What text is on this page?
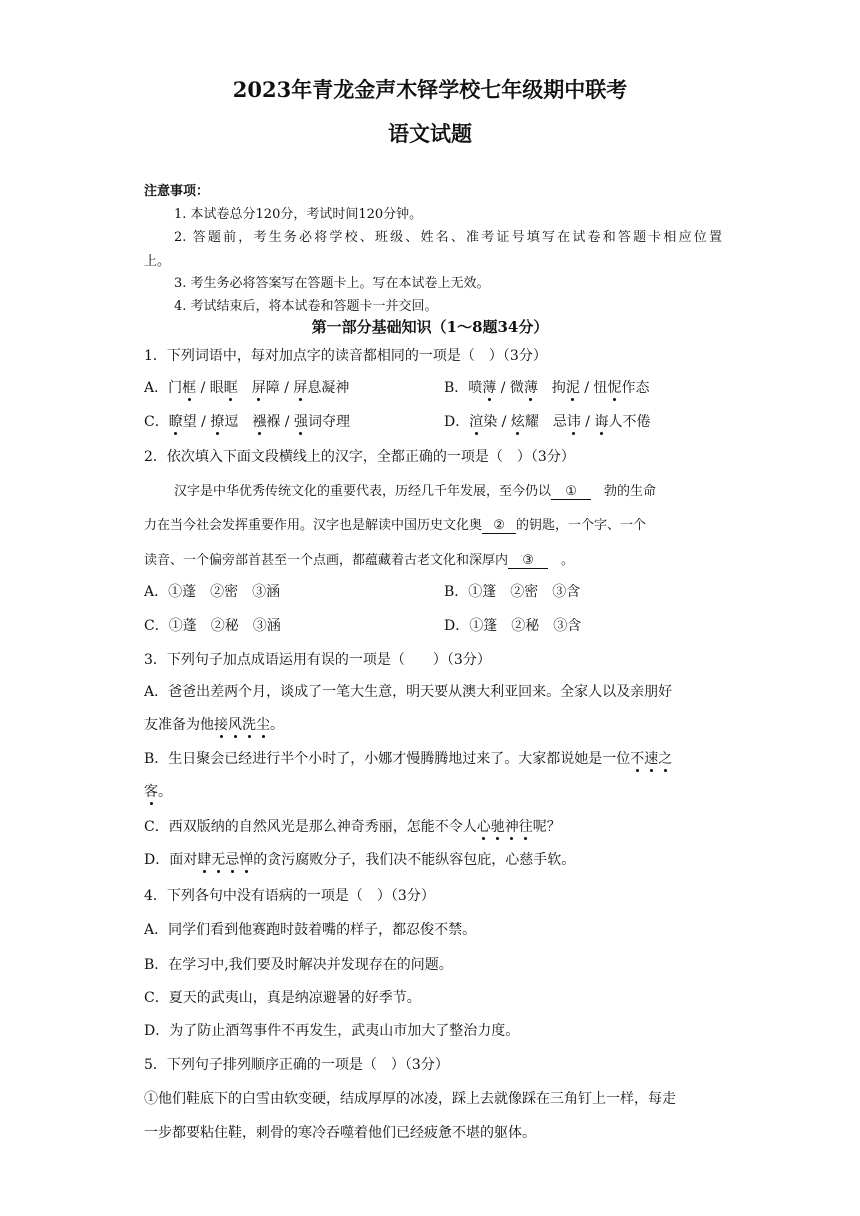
2023年青龙金声木铎学校七年级期中联考
语文试题
注意事项：
1. 本试卷总分120分，考试时间120分钟。
2. 答题前，考生务必将学校、班级、姓名、准考证号填写在试卷和答题卡相应位置
上。
3. 考生务必将答案写在答题卡上。写在本试卷上无效。
4. 考试结束后，将本试卷和答题卡一并交回。
第一部分基础知识（1～8题34分）
1．下列词语中，每对加点字的读音都相同的一项是（　）（3分）
A．门框 / 眼眶　 屏障 / 屏息凝神	B．喷薄 / 微薄　拘泥 / 忸怩作态
C．瞭望 / 撩逗　襁褓 / 强词夺理	D．渲染 / 炫耀　忌讳 / 诲人不倦
2．依次填入下面文段横线上的汉字，全都正确的一项是（　）（3分）
汉字是中华优秀传统文化的重要代表，历经几千年发展，至今仍以 ①　 勃的生命
力在当今社会发挥重要作用。汉字也是解读中国历史文化奥 ② 的钥匙，一个字、一个
读音、一个偏旁部首甚至一个点画，都蕴藏着古老文化和深厚内 ③　 。
A．①蓬　②密　③涵	B．①篷　②密　③含
C．①蓬　②秘　③涵	D．①篷　②秘　③含
3．下列句子加点成语运用有误的一项是（　　）（3分）
A．爸爸出差两个月，谈成了一笔大生意，明天要从澳大利亚回来。全家人以及亲朋好
友准备为他接风洗尘。
B．生日聚会已经进行半个小时了，小娜才慢腾腾地过来了。大家都说她是一位不速之
客。
C．西双版纳的自然风光是那么神奇秀丽，怎能不令人心驰神往呢？
D．面对肆无忌惮的贪污腐败分子，我们决不能纵容包庇，心慈手软。
4．下列各句中没有语病的一项是（　）（3分）
A．同学们看到他赛跑时鼓着嘴的样子，都忍俊不禁。
B．在学习中,我们要及时解决并发现存在的问题。
C．夏天的武夷山，真是纳凉避暑的好季节。
D．为了防止酒驾事件不再发生，武夷山市加大了整治力度。
5．下列句子排列顺序正确的一项是（　）（3分）
①他们鞋底下的白雪由软变硬，结成厚厚的冰凌，踩上去就像踩在三角钉上一样，每走
一步都要粘住鞋，刺骨的寒冷吞噬着他们已经疲惫不堪的躯体。
